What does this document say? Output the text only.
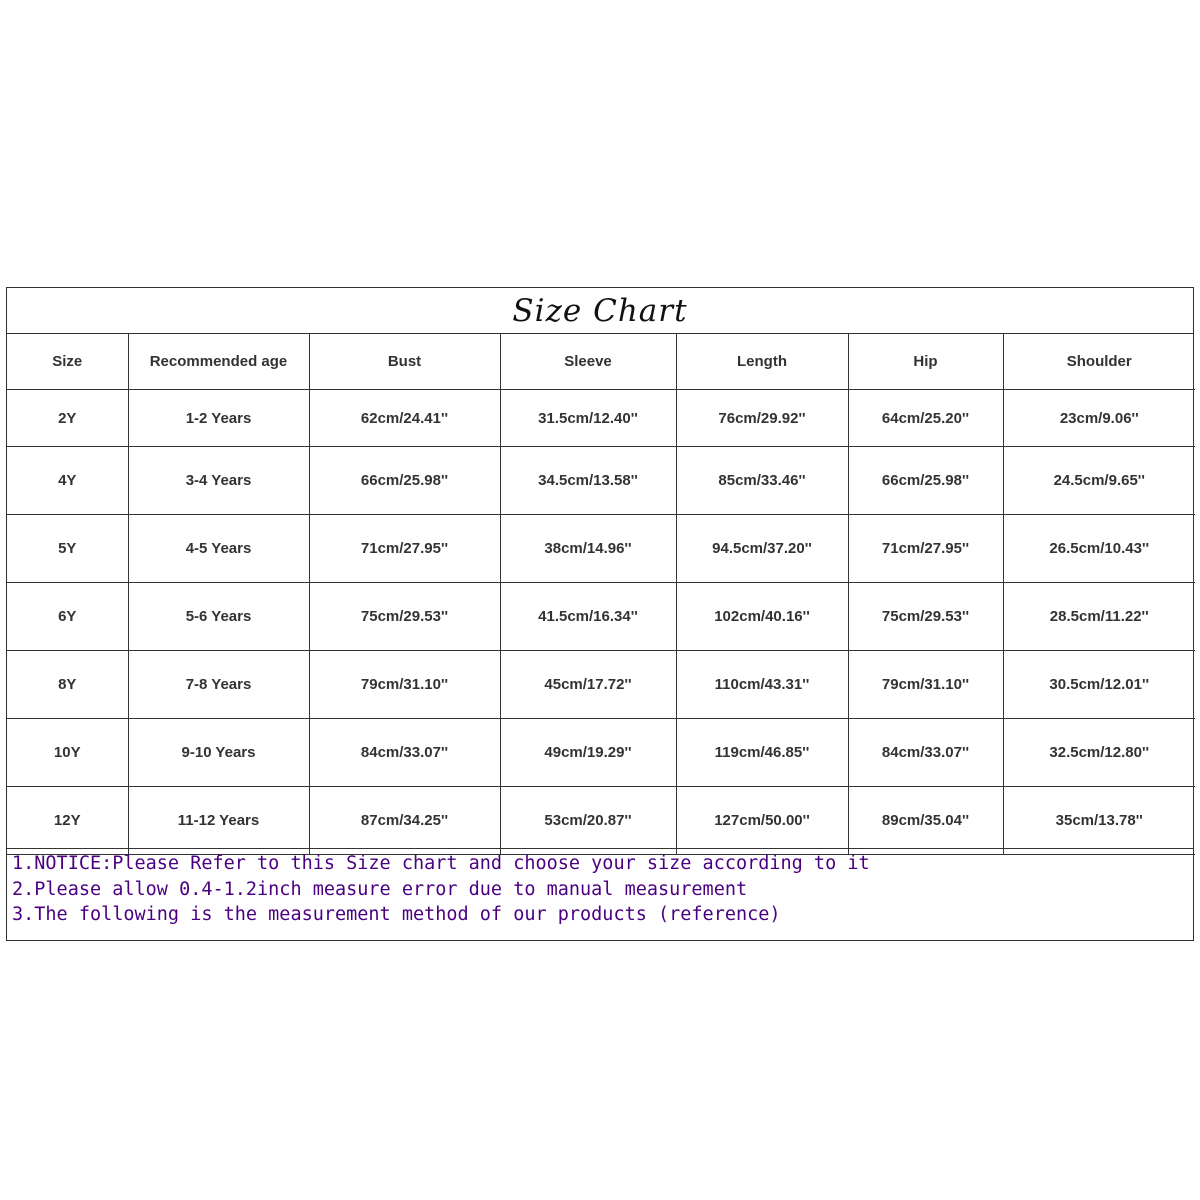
Size Chart
Size	Recommended age	Bust	Sleeve	Length	Hip	Shoulder
2Y	1-2 Years	62cm/24.41''	31.5cm/12.40''	76cm/29.92''	64cm/25.20''	23cm/9.06''
4Y	3-4 Years	66cm/25.98''	34.5cm/13.58''	85cm/33.46''	66cm/25.98''	24.5cm/9.65''
5Y	4-5 Years	71cm/27.95''	38cm/14.96''	94.5cm/37.20''	71cm/27.95''	26.5cm/10.43''
6Y	5-6 Years	75cm/29.53''	41.5cm/16.34''	102cm/40.16''	75cm/29.53''	28.5cm/11.22''
8Y	7-8 Years	79cm/31.10''	45cm/17.72''	110cm/43.31''	79cm/31.10''	30.5cm/12.01''
10Y	9-10 Years	84cm/33.07''	49cm/19.29''	119cm/46.85''	84cm/33.07''	32.5cm/12.80''
12Y	11-12 Years	87cm/34.25''	53cm/20.87''	127cm/50.00''	89cm/35.04''	35cm/13.78''
1.NOTICE:Please Refer to this Size chart and choose your size according to it
2.Please allow 0.4-1.2inch measure error due to manual measurement
3.The following is the measurement method of our products (reference)
